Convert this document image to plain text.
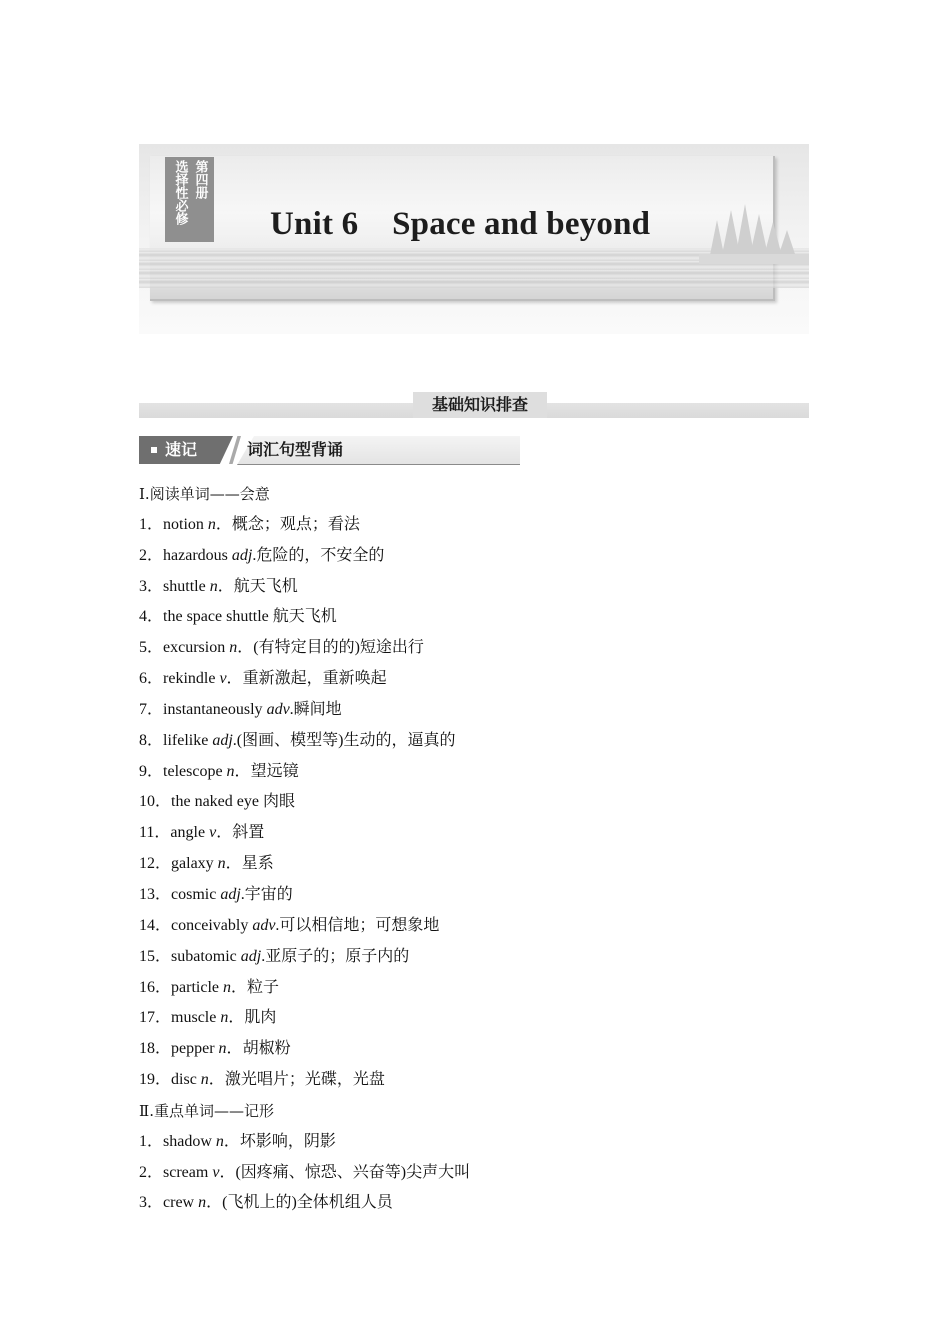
第四册
选择性必修	Unit 6    Space and beyond
基础知识排查
速记	词汇句型背诵
Ⅰ.阅读单词——会意
1．notion n．概念；观点；看法
2．hazardous adj.危险的，不安全的
3．shuttle n．航天飞机
4．the space shuttle 航天飞机
5．excursion n．(有特定目的的)短途出行
6．rekindle v．重新激起，重新唤起
7．instantaneously adv.瞬间地
8．lifelike adj.(图画、模型等)生动的，逼真的
9．telescope n．望远镜
10．the naked eye 肉眼
11．angle v．斜置
12．galaxy n．星系
13．cosmic adj.宇宙的
14．conceivably adv.可以相信地；可想象地
15．subatomic adj.亚原子的；原子内的
16．particle n．粒子
17．muscle n．肌肉
18．pepper n．胡椒粉
19．disc n．激光唱片；光碟，光盘
Ⅱ.重点单词——记形
1．shadow n．坏影响，阴影
2．scream v．(因疼痛、惊恐、兴奋等)尖声大叫
3．crew n．(飞机上的)全体机组人员
